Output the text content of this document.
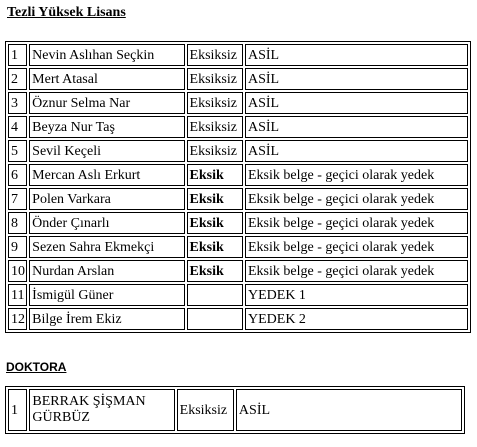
Tezli Yüksek Lisans
1	Nevin Aslıhan Seçkin	Eksiksiz	ASİL
2	Mert Atasal	Eksiksiz	ASİL
3	Öznur Selma Nar	Eksiksiz	ASİL
4	Beyza Nur Taş	Eksiksiz	ASİL
5	Sevil Keçeli	Eksiksiz	ASİL
6	Mercan Aslı Erkurt	Eksik	Eksik belge - geçici olarak yedek
7	Polen Varkara	Eksik	Eksik belge - geçici olarak yedek
8	Önder Çınarlı	Eksik	Eksik belge - geçici olarak yedek
9	Sezen Sahra Ekmekçi	Eksik	Eksik belge - geçici olarak yedek
10	Nurdan Arslan	Eksik	Eksik belge - geçici olarak yedek
11	İsmigül Güner		YEDEK 1
12	Bilge İrem Ekiz		YEDEK 2
DOKTORA
1	BERRAK ŞİŞMAN GÜRBÜZ	Eksiksiz	ASİL
